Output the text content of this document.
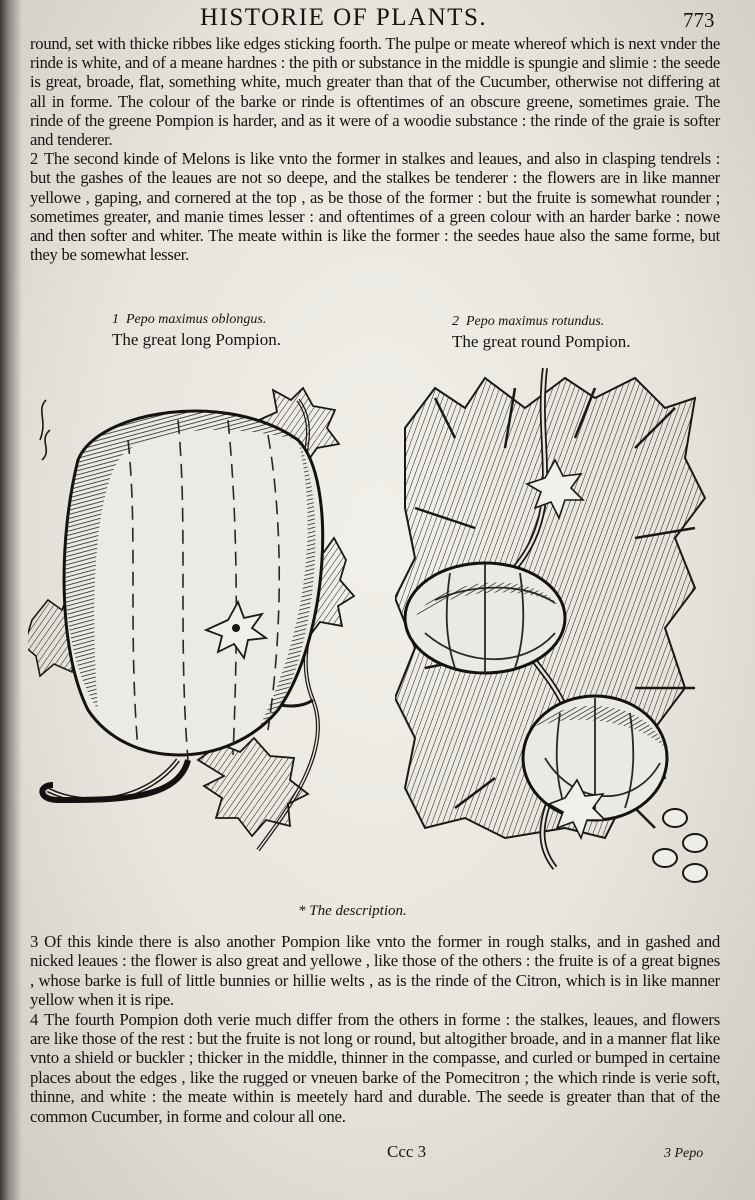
HISTORIE OF PLANTS.	773

round, set with thicke ribbes like edges sticking foorth. The pulpe or meate whereof which is next vnder the rinde is white, and of a meane hardnes : the pith or substance in the middle is spungie and slimie : the seede is great, broade, flat, something white, much greater than that of the Cucumber, otherwise not differing at all in forme. The colour of the barke or rinde is oftentimes of an obscure greene, sometimes graie. The rinde of the greene Pompion is harder, and as it were of a woodie substance : the rinde of the graie is softer and tenderer.

2 The second kinde of Melons is like vnto the former in stalkes and leaues, and also in clasping tendrels : but the gashes of the leaues are not so deepe, and the stalkes be tenderer : the flowers are in like manner yellowe , gaping, and cornered at the top , as be those of the former : but the fruite is somewhat rounder ; sometimes greater, and manie times lesser : and oftentimes of a green colour with an harder barke : nowe and then softer and whiter. The meate within is like the former : the seedes haue also the same forme, but they be somewhat lesser.

1 Pepo maximus oblongus.
The great long Pompion.
2 Pepo maximus rotundus.
The great round Pompion.
* The description.

3 Of this kinde there is also another Pompion like vnto the former in rough stalks, and in gashed and nicked leaues : the flower is also great and yellowe , like those of the others : the fruite is of a great bignes , whose barke is full of little bunnies or hillie welts , as is the rinde of the Citron, which is in like manner yellow when it is ripe.

4 The fourth Pompion doth verie much differ from the others in forme : the stalkes, leaues, and flowers are like those of the rest : but the fruite is not long or round, but altogither broade, and in a manner flat like vnto a shield or buckler ; thicker in the middle, thinner in the compasse, and curled or bumped in certaine places about the edges , like the rugged or vneuen barke of the Pomecitron ; the which rinde is verie soft, thinne, and white : the meate within is meetely hard and durable. The seede is greater than that of the common Cucumber, in forme and colour all one.

Ccc 3	3 Pepo
